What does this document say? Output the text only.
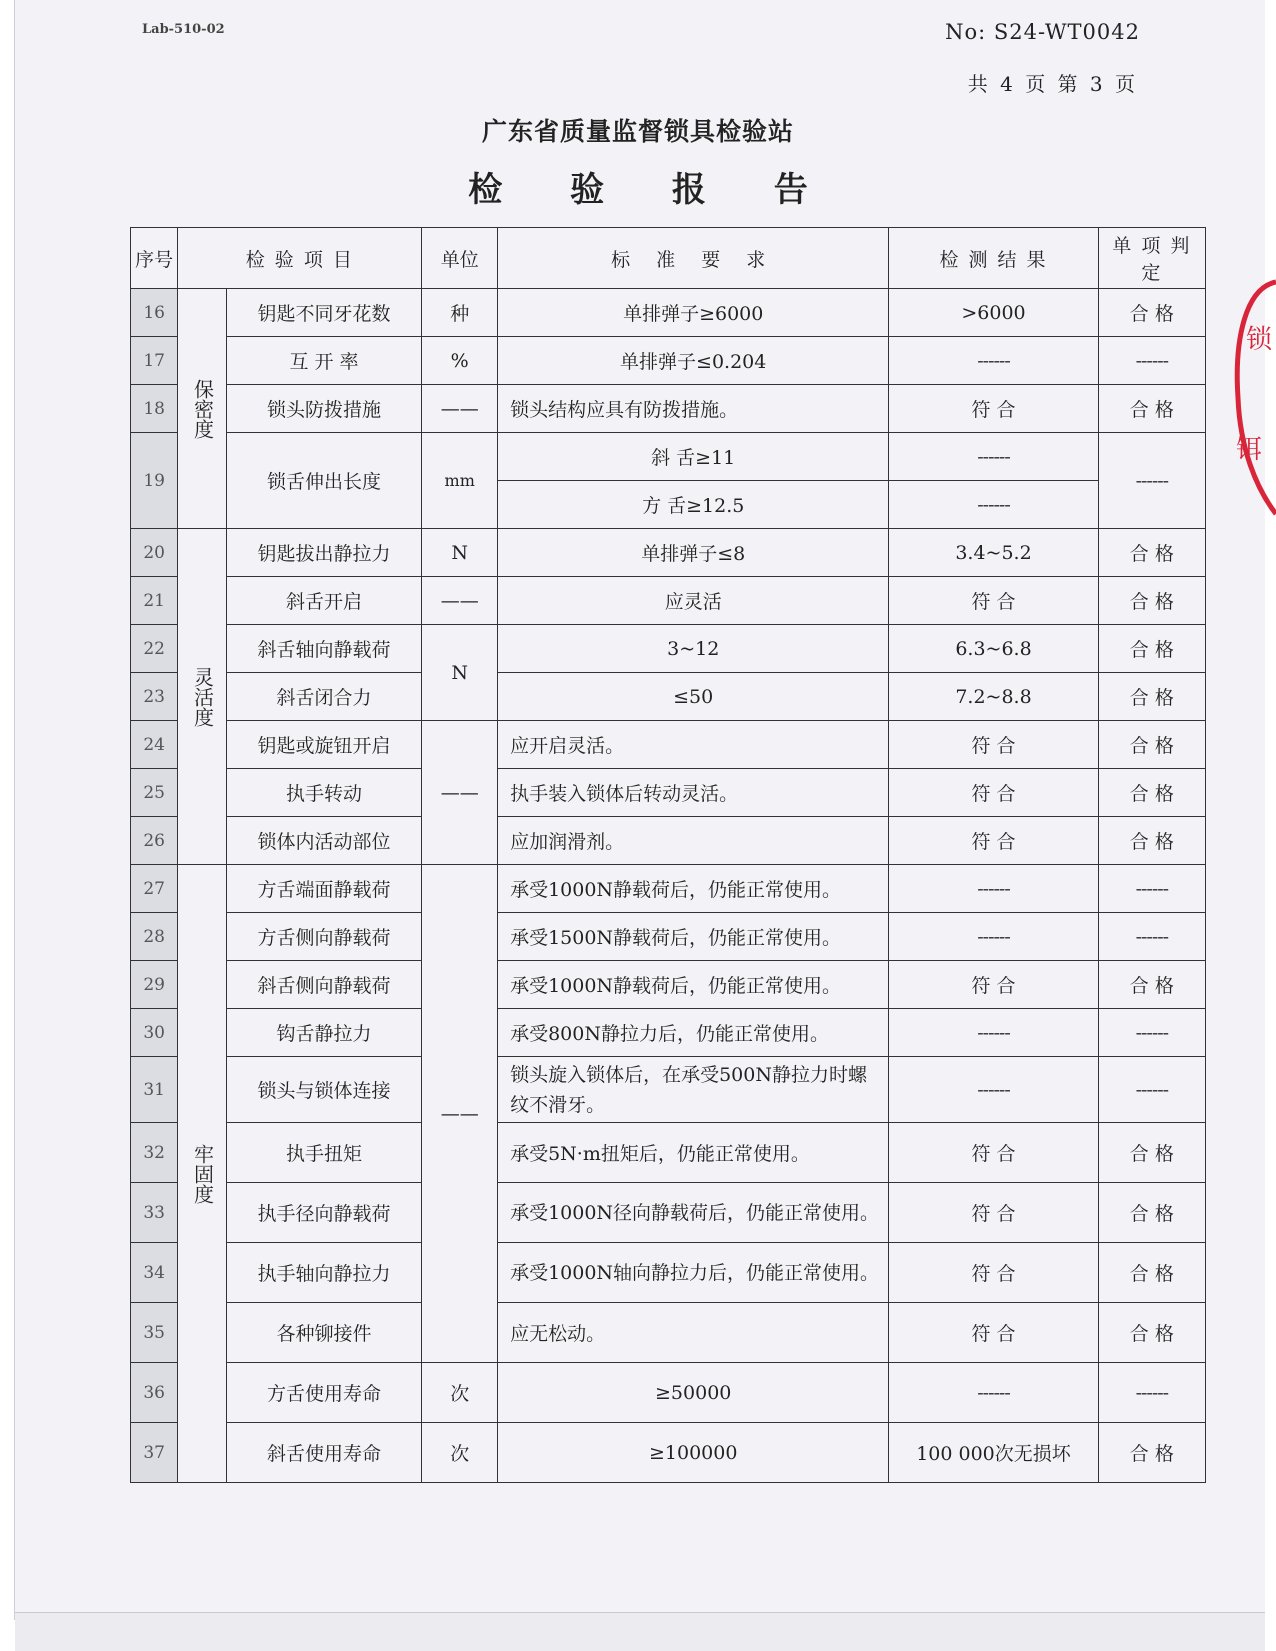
Lab-510-02	No: S24-WT0042
共 4 页 第 3 页
广东省质量监督锁具检验站
检 验 报 告
锁
铒
序号	检 验 项 目		单位	标 准 要 求	检 测 结 果	单 项 判 定
16	保密度	钥匙不同牙花数	种	单排弹子≥6000	>6000	合 格
17		互 开 率	%	单排弹子≤0.204	------	------
18		锁头防拨措施	——	锁头结构应具有防拨措施。	符 合	合 格
19		锁舌伸出长度	mm	斜 舌≥11	------	------
				方 舌≥12.5	------	
20	灵活度	钥匙拔出静拉力	N	单排弹子≤8	3.4~5.2	合 格
21		斜舌开启	——	应灵活	符 合	合 格
22		斜舌轴向静载荷	N	3~12	6.3~6.8	合 格
23		斜舌闭合力		≤50	7.2~8.8	合 格
24		钥匙或旋钮开启	——	应开启灵活。	符 合	合 格
25		执手转动		执手装入锁体后转动灵活。	符 合	合 格
26		锁体内活动部位		应加润滑剂。	符 合	合 格
27	牢固度	方舌端面静载荷	——	承受1000N静载荷后，仍能正常使用。	------	------
28		方舌侧向静载荷		承受1500N静载荷后，仍能正常使用。	------	------
29		斜舌侧向静载荷		承受1000N静载荷后，仍能正常使用。	符 合	合 格
30		钩舌静拉力		承受800N静拉力后，仍能正常使用。	------	------
31		锁头与锁体连接		锁头旋入锁体后，在承受500N静拉力时螺纹不滑牙。	------	------
32		执手扭矩		承受5N·m扭矩后，仍能正常使用。	符 合	合 格
33		执手径向静载荷		承受1000N径向静载荷后，仍能正常使用。	符 合	合 格
34		执手轴向静拉力		承受1000N轴向静拉力后，仍能正常使用。	符 合	合 格
35		各种铆接件		应无松动。	符 合	合 格
36		方舌使用寿命	次	≥50000	------	------
37		斜舌使用寿命	次	≥100000	100 000次无损坏	合 格
